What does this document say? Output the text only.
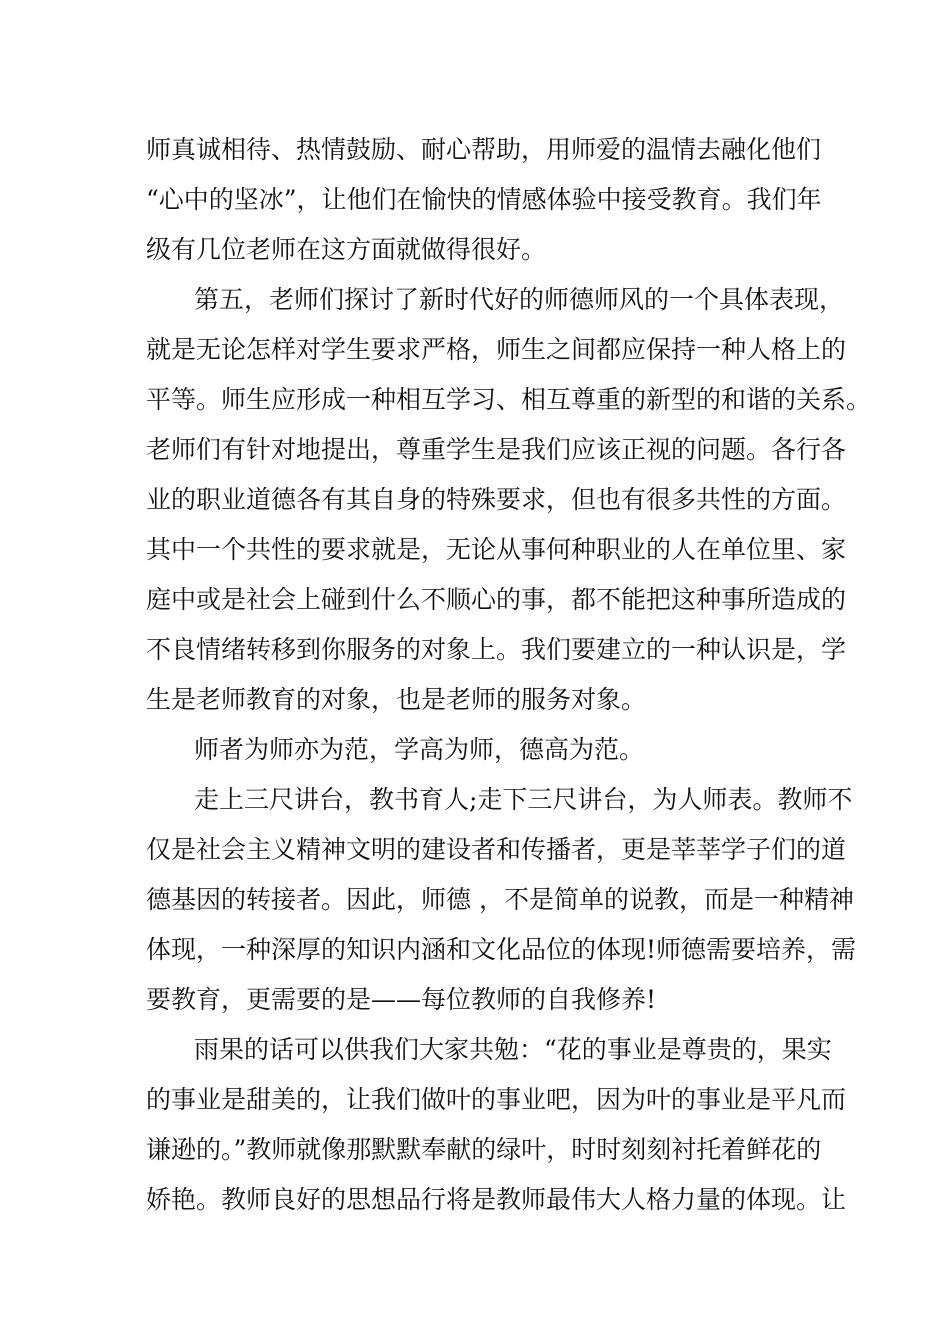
师真诚相待、热情鼓励、耐心帮助，用师爱的温情去融化他们
“心中的坚冰”，让他们在愉快的情感体验中接受教育。我们年
级有几位老师在这方面就做得很好。
第五，老师们探讨了新时代好的师德师风的一个具体表现，
就是无论怎样对学生要求严格，师生之间都应保持一种人格上的
平等。师生应形成一种相互学习、相互尊重的新型的和谐的关系。
老师们有针对地提出，尊重学生是我们应该正视的问题。各行各
业的职业道德各有其自身的特殊要求，但也有很多共性的方面。
其中一个共性的要求就是，无论从事何种职业的人在单位里、家
庭中或是社会上碰到什么不顺心的事，都不能把这种事所造成的
不良情绪转移到你服务的对象上。我们要建立的一种认识是，学
生是老师教育的对象，也是老师的服务对象。
师者为师亦为范，学高为师，德高为范。
走上三尺讲台，教书育人;走下三尺讲台，为人师表。教师不
仅是社会主义精神文明的建设者和传播者，更是莘莘学子们的道
德基因的转接者。因此，师德 ，不是简单的说教，而是一种精神
体现，一种深厚的知识内涵和文化品位的体现!师德需要培养，需
要教育，更需要的是——每位教师的自我修养!
雨果的话可以供我们大家共勉：“花的事业是尊贵的，果实
的事业是甜美的，让我们做叶的事业吧，因为叶的事业是平凡而
谦逊的。”教师就像那默默奉献的绿叶，时时刻刻衬托着鲜花的
娇艳。教师良好的思想品行将是教师最伟大人格力量的体现。让
